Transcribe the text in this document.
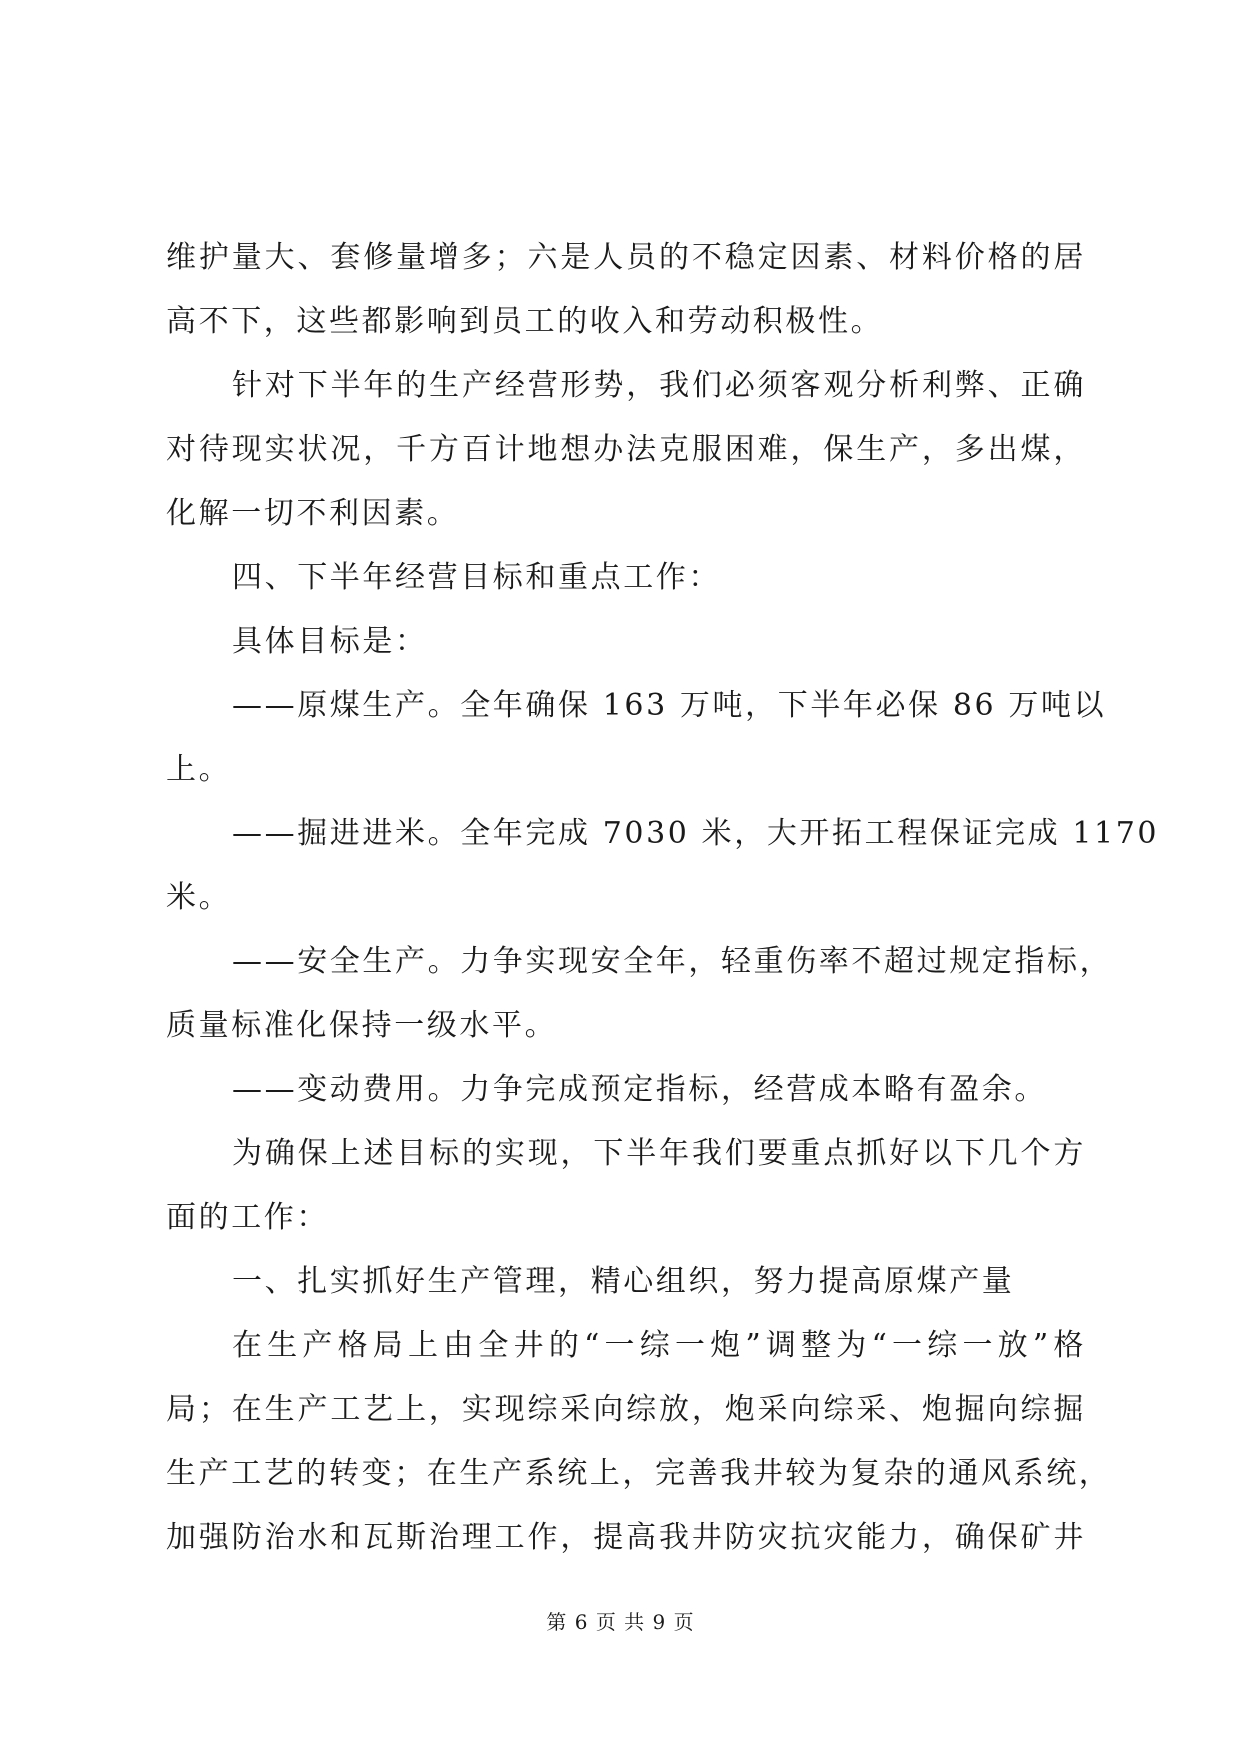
维护量大、套修量增多；六是人员的不稳定因素、材料价格的居
高不下，这些都影响到员工的收入和劳动积极性。
针对下半年的生产经营形势，我们必须客观分析利弊、正确
对待现实状况，千方百计地想办法克服困难，保生产，多出煤，
化解一切不利因素。
四、下半年经营目标和重点工作：
具体目标是：
——原煤生产。全年确保 163 万吨，下半年必保 86 万吨以
上。
——掘进进米。全年完成 7030 米，大开拓工程保证完成 1170
米。
——安全生产。力争实现安全年，轻重伤率不超过规定指标，
质量标准化保持一级水平。
——变动费用。力争完成预定指标，经营成本略有盈余。
为确保上述目标的实现，下半年我们要重点抓好以下几个方
面的工作：
一、扎实抓好生产管理，精心组织，努力提高原煤产量
在生产格局上由全井的“一综一炮”调整为“一综一放”格
局；在生产工艺上，实现综采向综放，炮采向综采、炮掘向综掘
生产工艺的转变；在生产系统上，完善我井较为复杂的通风系统，
加强防治水和瓦斯治理工作，提高我井防灾抗灾能力，确保矿井
第 6 页 共 9 页
